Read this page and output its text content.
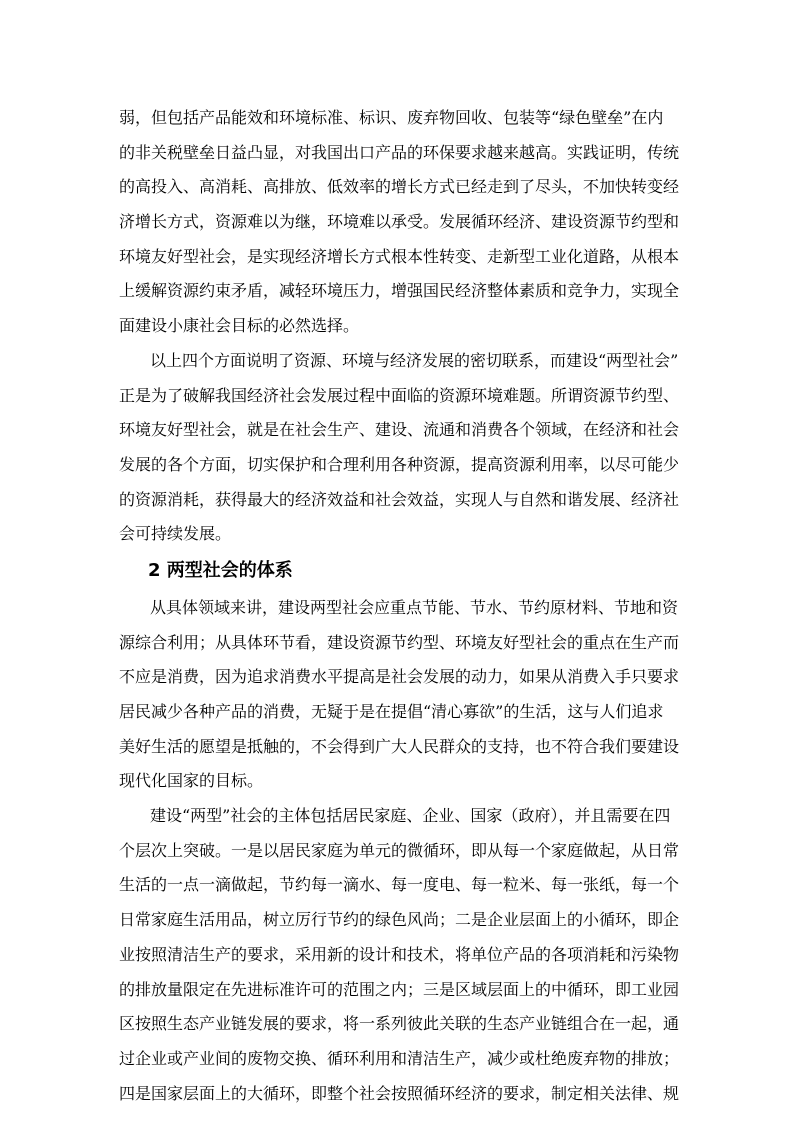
弱，但包括产品能效和环境标准、标识、废弃物回收、包装等“绿色壁垒”在内
的非关税壁垒日益凸显，对我国出口产品的环保要求越来越高。实践证明，传统
的高投入、高消耗、高排放、低效率的增长方式已经走到了尽头，不加快转变经
济增长方式，资源难以为继，环境难以承受。发展循环经济、建设资源节约型和
环境友好型社会，是实现经济增长方式根本性转变、走新型工业化道路，从根本
上缓解资源约束矛盾，减轻环境压力，增强国民经济整体素质和竞争力，实现全
面建设小康社会目标的必然选择。
以上四个方面说明了资源、环境与经济发展的密切联系，而建设“两型社会”
正是为了破解我国经济社会发展过程中面临的资源环境难题。所谓资源节约型、
环境友好型社会，就是在社会生产、建设、流通和消费各个领域，在经济和社会
发展的各个方面，切实保护和合理利用各种资源，提高资源利用率，以尽可能少
的资源消耗，获得最大的经济效益和社会效益，实现人与自然和谐发展、经济社
会可持续发展。
2 两型社会的体系
从具体领域来讲，建设两型社会应重点节能、节水、节约原材料、节地和资
源综合利用；从具体环节看，建设资源节约型、环境友好型社会的重点在生产而
不应是消费，因为追求消费水平提高是社会发展的动力，如果从消费入手只要求
居民减少各种产品的消费，无疑于是在提倡“清心寡欲”的生活，这与人们追求
美好生活的愿望是抵触的，不会得到广大人民群众的支持，也不符合我们要建设
现代化国家的目标。
建设“两型”社会的主体包括居民家庭、企业、国家（政府），并且需要在四
个层次上突破。一是以居民家庭为单元的微循环，即从每一个家庭做起，从日常
生活的一点一滴做起，节约每一滴水、每一度电、每一粒米、每一张纸，每一个
日常家庭生活用品，树立厉行节约的绿色风尚；二是企业层面上的小循环，即企
业按照清洁生产的要求，采用新的设计和技术，将单位产品的各项消耗和污染物
的排放量限定在先进标准许可的范围之内；三是区域层面上的中循环，即工业园
区按照生态产业链发展的要求，将一系列彼此关联的生态产业链组合在一起，通
过企业或产业间的废物交换、循环利用和清洁生产，减少或杜绝废弃物的排放；
四是国家层面上的大循环，即整个社会按照循环经济的要求，制定相关法律、规
